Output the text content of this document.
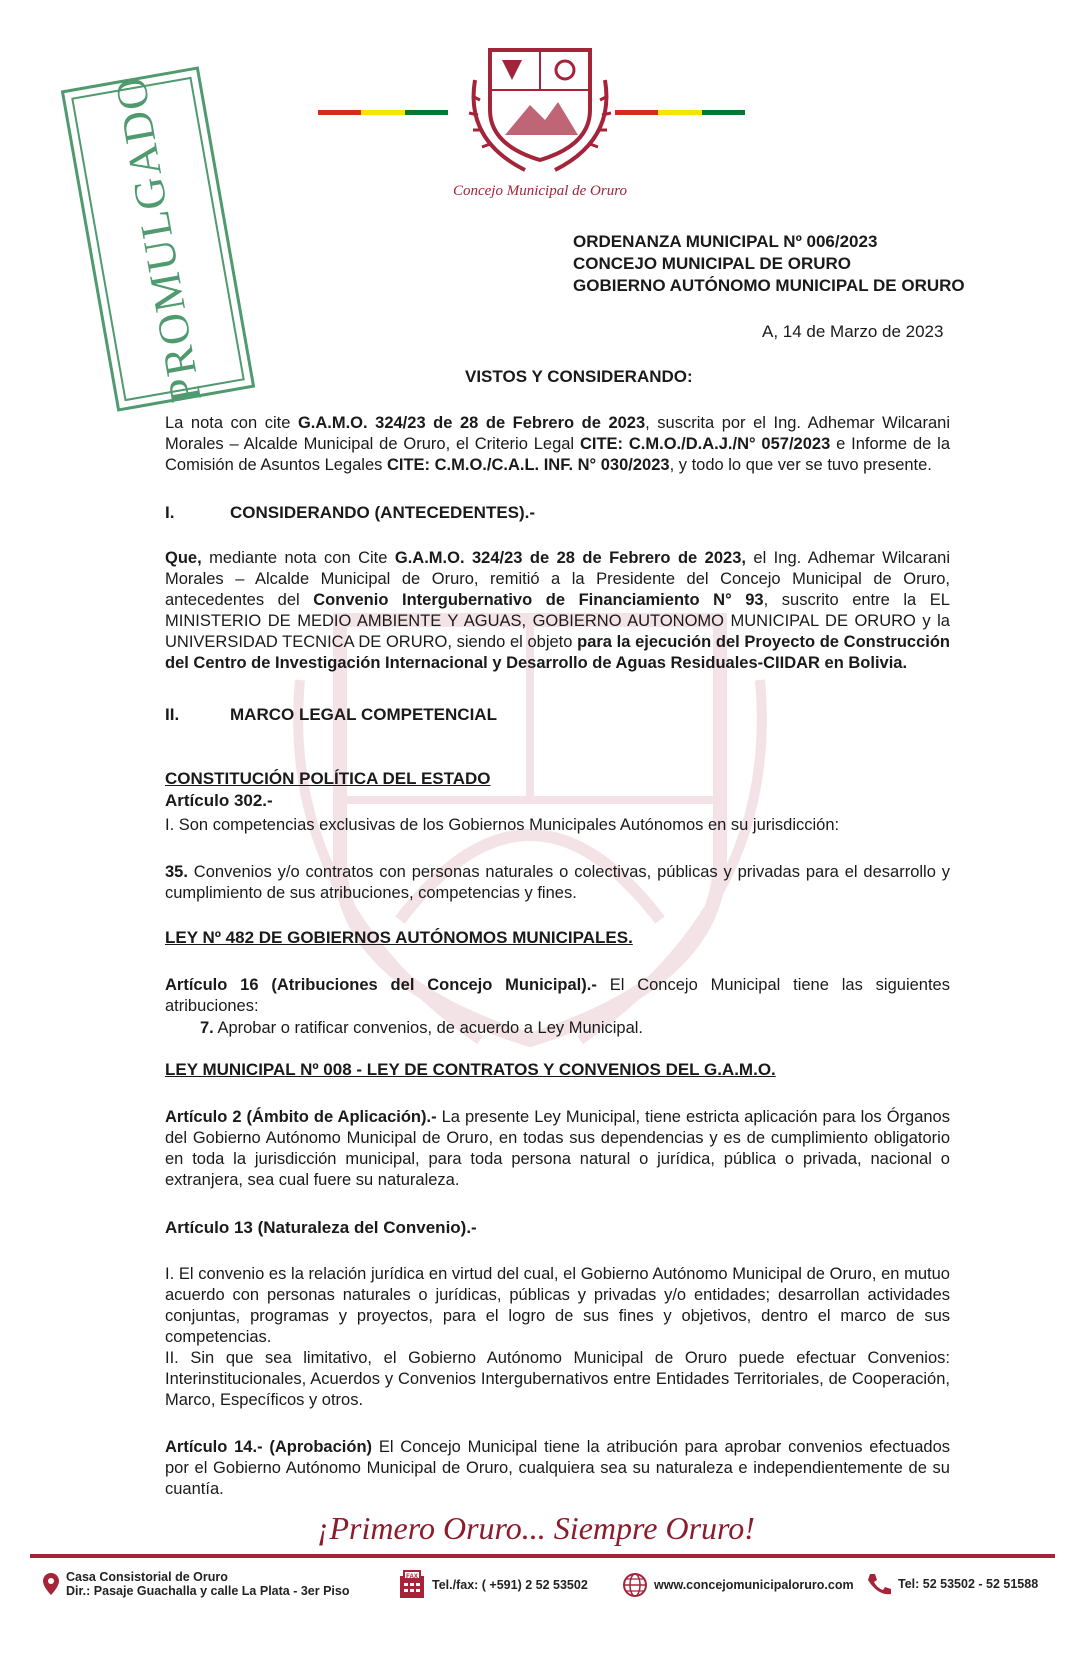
PROMULGADO	Concejo Municipal de Oruro
ORDENANZA MUNICIPAL Nº 006/2023
CONCEJO MUNICIPAL DE ORURO
GOBIERNO AUTÓNOMO MUNICIPAL DE ORURO
A, 14 de Marzo de 2023
VISTOS Y CONSIDERANDO:
La nota con cite G.A.M.O. 324/23 de 28 de Febrero de 2023, suscrita por el Ing. Adhemar Wilcarani Morales – Alcalde Municipal de Oruro, el Criterio Legal CITE: C.M.O./D.A.J./N° 057/2023 e Informe de la Comisión de Asuntos Legales CITE: C.M.O./C.A.L. INF. N° 030/2023, y todo lo que ver se tuvo presente.
I.	CONSIDERANDO (ANTECEDENTES).-
Que, mediante nota con Cite G.A.M.O. 324/23 de 28 de Febrero de 2023, el Ing. Adhemar Wilcarani Morales – Alcalde Municipal de Oruro, remitió a la Presidente del Concejo Municipal de Oruro, antecedentes del Convenio Intergubernativo de Financiamiento N° 93, suscrito entre la EL MINISTERIO DE MEDIO AMBIENTE Y AGUAS, GOBIERNO AUTONOMO MUNICIPAL DE ORURO y la UNIVERSIDAD TECNICA DE ORURO, siendo el objeto para la ejecución del Proyecto de Construcción del Centro de Investigación Internacional y Desarrollo de Aguas Residuales-CIIDAR en Bolivia.
II.	MARCO LEGAL COMPETENCIAL
CONSTITUCIÓN POLÍTICA DEL ESTADO
Artículo 302.-
I. Son competencias exclusivas de los Gobiernos Municipales Autónomos en su jurisdicción:
35. Convenios y/o contratos con personas naturales o colectivas, públicas y privadas para el desarrollo y cumplimiento de sus atribuciones, competencias y fines.
LEY Nº 482 DE GOBIERNOS AUTÓNOMOS MUNICIPALES.
Artículo 16 (Atribuciones del Concejo Municipal).- El Concejo Municipal tiene las siguientes atribuciones:
7. Aprobar o ratificar convenios, de acuerdo a Ley Municipal.
LEY MUNICIPAL Nº 008 - LEY DE CONTRATOS Y CONVENIOS DEL G.A.M.O.
Artículo 2 (Ámbito de Aplicación).- La presente Ley Municipal, tiene estricta aplicación para los Órganos del Gobierno Autónomo Municipal de Oruro, en todas sus dependencias y es de cumplimiento obligatorio en toda la jurisdicción municipal, para toda persona natural o jurídica, pública o privada, nacional o extranjera, sea cual fuere su naturaleza.
Artículo 13 (Naturaleza del Convenio).-
I. El convenio es la relación jurídica en virtud del cual, el Gobierno Autónomo Municipal de Oruro, en mutuo acuerdo con personas naturales o jurídicas, públicas y privadas y/o entidades; desarrollan actividades conjuntas, programas y proyectos, para el logro de sus fines y objetivos, dentro el marco de sus competencias.
II. Sin que sea limitativo, el Gobierno Autónomo Municipal de Oruro puede efectuar Convenios: Interinstitucionales, Acuerdos y Convenios Intergubernativos entre Entidades Territoriales, de Cooperación, Marco, Específicos y otros.
Artículo 14.- (Aprobación) El Concejo Municipal tiene la atribución para aprobar convenios efectuados por el Gobierno Autónomo Municipal de Oruro, cualquiera sea su naturaleza e independientemente de su cuantía.
¡Primero Oruro... Siempre Oruro!
Casa Consistorial de Oruro
Dir.: Pasaje Guachalla y calle La Plata - 3er Piso
FAX
Tel./fax: ( +591) 2 52 53502	www.concejomunicipaloruro.com	Tel: 52 53502 - 52 51588
